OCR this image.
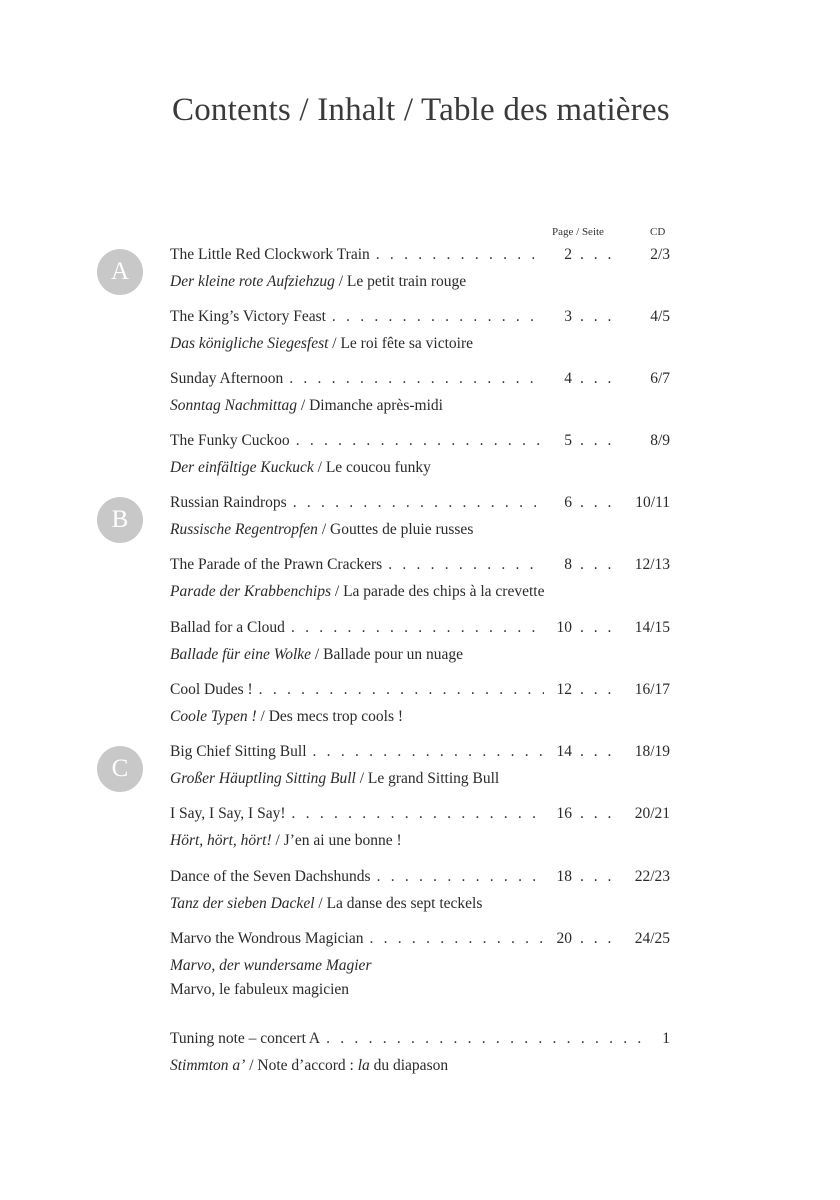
Contents / Inhalt / Table des matières
Page / Seite	CD
A
B
C
The Little Red Clockwork Train . . .	2 . . .	2/3
Der kleine rote Aufziehzug / Le petit train rouge
The King’s Victory Feast . . .	3 . . .	4/5
Das königliche Siegesfest / Le roi fête sa victoire
Sunday Afternoon . . .	4 . . .	6/7
Sonntag Nachmittag / Dimanche après-midi
The Funky Cuckoo . . .	5 . . .	8/9
Der einfältige Kuckuck / Le coucou funky
Russian Raindrops . . .	6 . . .	10/11
Russische Regentropfen / Gouttes de pluie russes
The Parade of the Prawn Crackers . . .	8 . . .	12/13
Parade der Krabbenchips / La parade des chips à la crevette
Ballad for a Cloud . . .	10 . . .	14/15
Ballade für eine Wolke / Ballade pour un nuage
Cool Dudes ! . . .	12 . . .	16/17
Coole Typen ! / Des mecs trop cools !
Big Chief Sitting Bull . . .	14 . . .	18/19
Großer Häuptling Sitting Bull / Le grand Sitting Bull
I Say, I Say, I Say! . . .	16 . . .	20/21
Hört, hört, hört! / J’en ai une bonne !
Dance of the Seven Dachshunds . . .	18 . . .	22/23
Tanz der sieben Dackel / La danse des sept teckels
Marvo the Wondrous Magician . . .	20 . . .	24/25
Marvo, der wundersame Magier
Marvo, le fabuleux magicien
Tuning note – concert A . . .	1
Stimmton a’ / Note d’accord : la du diapason
